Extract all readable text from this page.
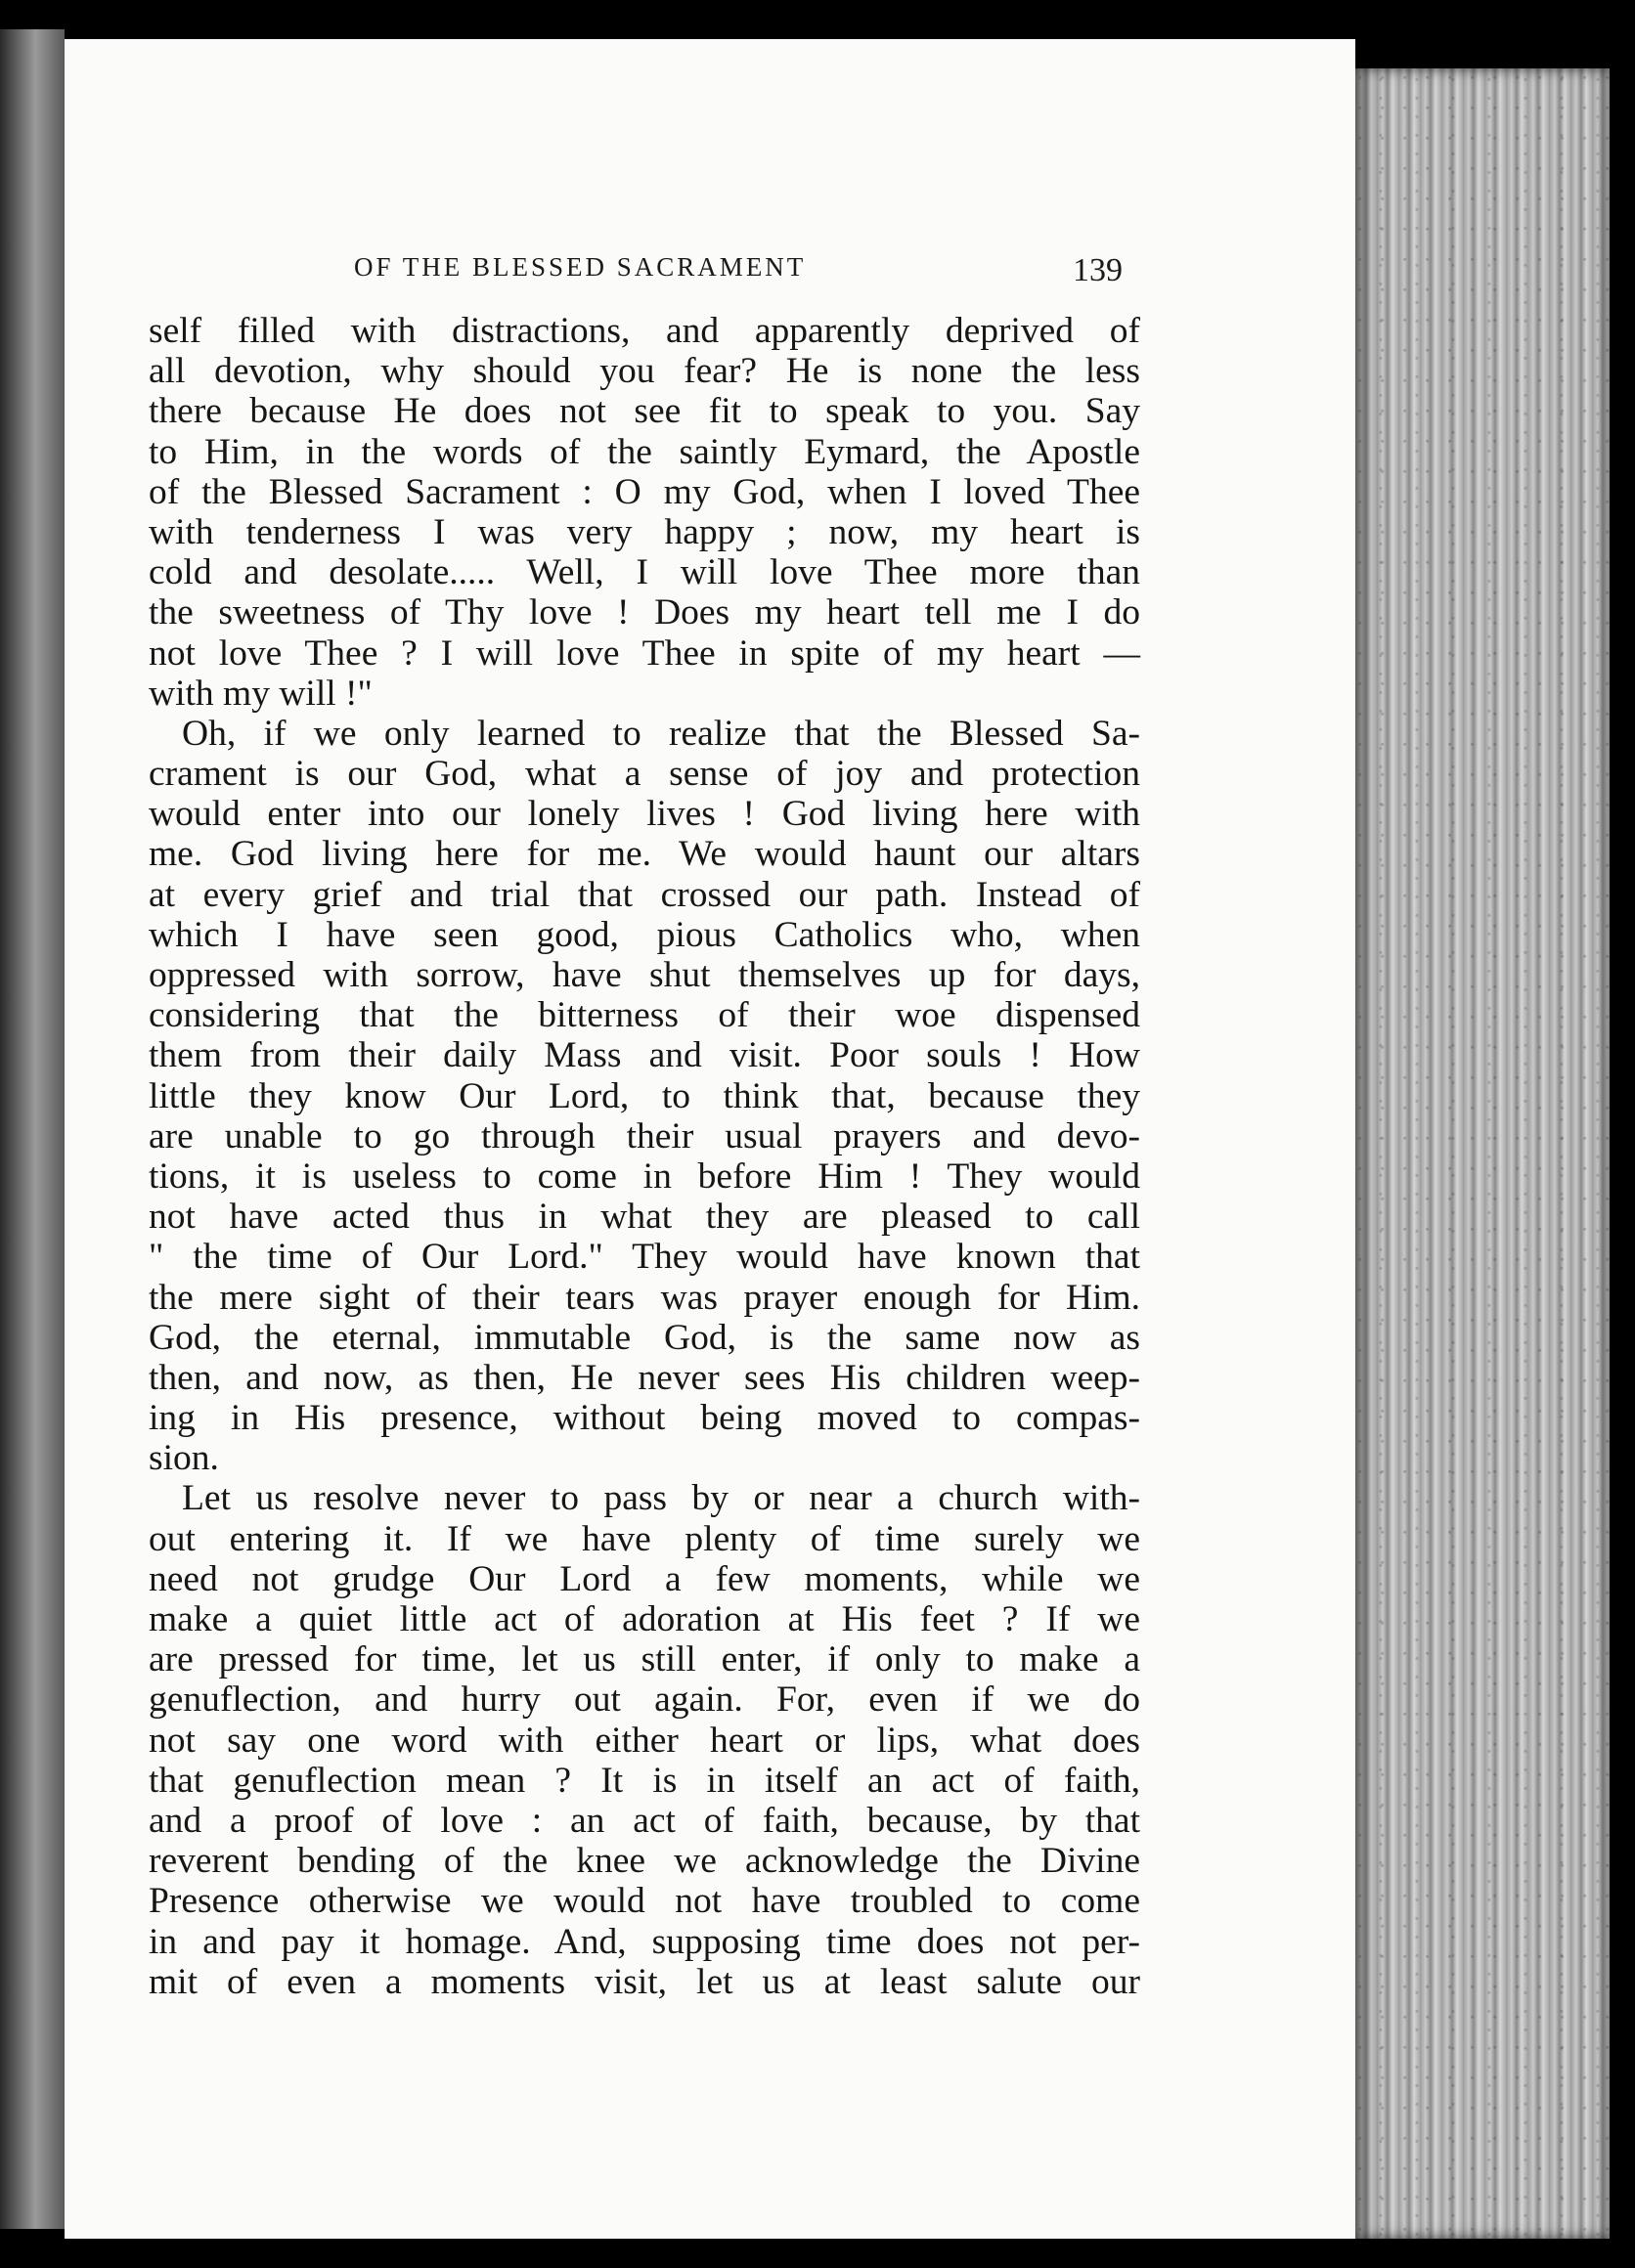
OF THE BLESSED SACRAMENT	139
self filled with distractions, and apparently deprived of
all devotion, why should you fear? He is none the less
there because He does not see fit to speak to you. Say
to Him, in the words of the saintly Eymard, the Apostle
of the Blessed Sacrament : O my God, when I loved Thee
with tenderness I was very happy ; now, my heart is
cold and desolate..... Well, I will love Thee more than
the sweetness of Thy love ! Does my heart tell me I do
not love Thee ? I will love Thee in spite of my heart —
with my will !"
Oh, if we only learned to realize that the Blessed Sa-
crament is our God, what a sense of joy and protection
would enter into our lonely lives ! God living here with
me. God living here for me. We would haunt our altars
at every grief and trial that crossed our path. Instead of
which I have seen good, pious Catholics who, when
oppressed with sorrow, have shut themselves up for days,
considering that the bitterness of their woe dispensed
them from their daily Mass and visit. Poor souls ! How
little they know Our Lord, to think that, because they
are unable to go through their usual prayers and devo-
tions, it is useless to come in before Him ! They would
not have acted thus in what they are pleased to call
" the time of Our Lord." They would have known that
the mere sight of their tears was prayer enough for Him.
God, the eternal, immutable God, is the same now as
then, and now, as then, He never sees His children weep-
ing in His presence, without being moved to compas-
sion.
Let us resolve never to pass by or near a church with-
out entering it. If we have plenty of time surely we
need not grudge Our Lord a few moments, while we
make a quiet little act of adoration at His feet ? If we
are pressed for time, let us still enter, if only to make a
genuflection, and hurry out again. For, even if we do
not say one word with either heart or lips, what does
that genuflection mean ? It is in itself an act of faith,
and a proof of love : an act of faith, because, by that
reverent bending of the knee we acknowledge the Divine
Presence otherwise we would not have troubled to come
in and pay it homage. And, supposing time does not per-
mit of even a moments visit, let us at least salute our
